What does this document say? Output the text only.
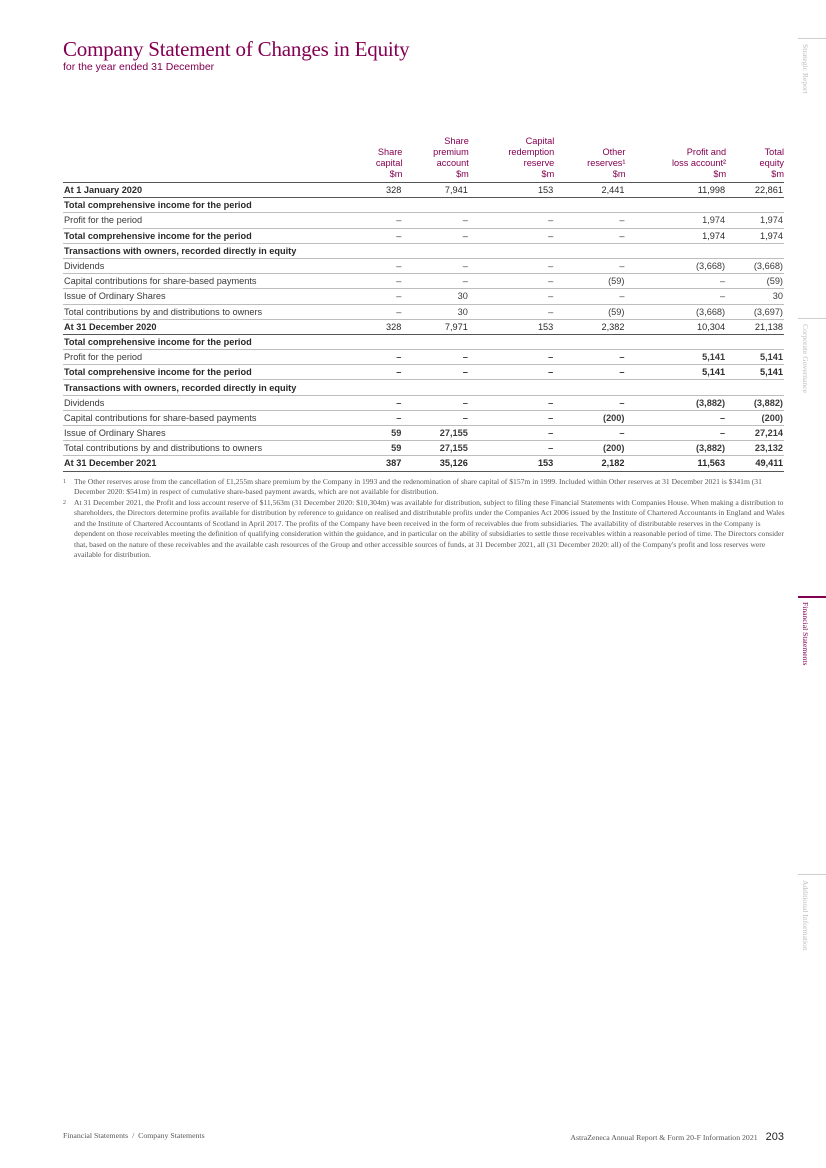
Company Statement of Changes in Equity
for the year ended 31 December

	Share
capital
$m	Share
premium
account
$m	Capital
redemption
reserve
$m	Other
reserves¹
$m	Profit and
loss account²
$m	Total
equity
$m

At 1 January 2020	328	7,941	153	2,441	11,998	22,861
Total comprehensive income for the period						
Profit for the period	–	–	–	–	1,974	1,974
Total comprehensive income for the period	–	–	–	–	1,974	1,974
Transactions with owners, recorded directly in equity						
Dividends	–	–	–	–	(3,668)	(3,668)
Capital contributions for share-based payments	–	–	–	(59)	–	(59)
Issue of Ordinary Shares	–	30	–	–	–	30
Total contributions by and distributions to owners	–	30	–	(59)	(3,668)	(3,697)
At 31 December 2020	328	7,971	153	2,382	10,304	21,138
Total comprehensive income for the period						
Profit for the period	–	–	–	–	5,141	5,141
Total comprehensive income for the period	–	–	–	–	5,141	5,141
Transactions with owners, recorded directly in equity						
Dividends	–	–	–	–	(3,882)	(3,882)
Capital contributions for share-based payments	–	–	–	(200)	–	(200)
Issue of Ordinary Shares	59	27,155	–	–	–	27,214
Total contributions by and distributions to owners	59	27,155	–	(200)	(3,882)	23,132
At 31 December 2021	387	35,126	153	2,182	11,563	49,411
1 The Other reserves arose from the cancellation of £1,255m share premium by the Company in 1993 and the redenomination of share capital of $157m in 1999. Included within Other reserves at 31 December 2021 is $341m (31 December 2020: $541m) in respect of cumulative share-based payment awards, which are not available for distribution.
2 At 31 December 2021, the Profit and loss account reserve of $11,563m (31 December 2020: $10,304m) was available for distribution, subject to filing these Financial Statements with Companies House. When making a distribution to shareholders, the Directors determine profits available for distribution by reference to guidance on realised and distributable profits under the Companies Act 2006 issued by the Institute of Chartered Accountants in England and Wales and the Institute of Chartered Accountants of Scotland in April 2017. The profits of the Company have been received in the form of receivables due from subsidiaries. The availability of distributable reserves in the Company is dependent on those receivables meeting the definition of qualifying consideration within the guidance, and in particular on the ability of subsidiaries to settle those receivables within a reasonable period of time. The Directors consider that, based on the nature of these receivables and the available cash resources of the Group and other accessible sources of funds, at 31 December 2021, all (31 December 2020: all) of the Company's profit and loss reserves were available for distribution.
Strategic Report
Corporate Governance
Financial Statements
Additional Information
Financial Statements  /  Company Statements	AstraZeneca Annual Report & Form 20-F Information 2021 203
